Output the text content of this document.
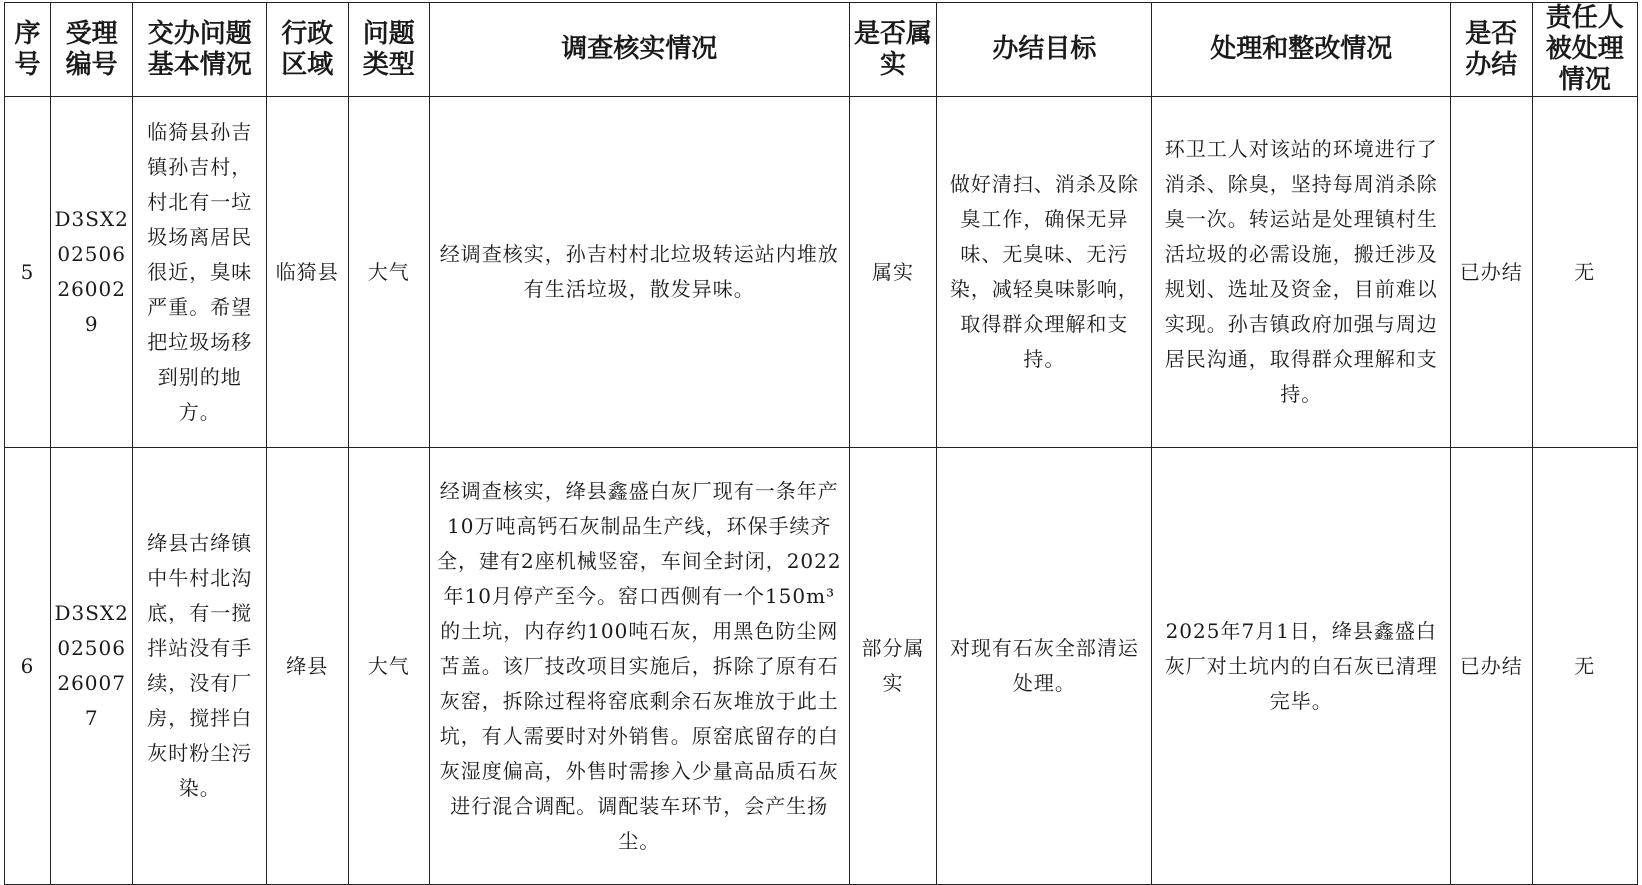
序号	受理编号	交办问题基本情况	行政区域	问题类型	调查核实情况	是否属实	办结目标	处理和整改情况	是否办结	责任人被处理情况
5	D3SX202506260029	临猗县孙吉镇孙吉村，村北有一垃圾场离居民很近，臭味严重。希望把垃圾场移到别的地方。	临猗县	大气	经调查核实，孙吉村村北垃圾转运站内堆放有生活垃圾，散发异味。	属实	做好清扫、消杀及除臭工作，确保无异味、无臭味、无污染，减轻臭味影响，取得群众理解和支持。	环卫工人对该站的环境进行了消杀、除臭，坚持每周消杀除臭一次。转运站是处理镇村生活垃圾的必需设施，搬迁涉及规划、选址及资金，目前难以实现。孙吉镇政府加强与周边居民沟通，取得群众理解和支持。	已办结	无
6	D3SX202506260077	绛县古绛镇中牛村北沟底，有一搅拌站没有手续，没有厂房，搅拌白灰时粉尘污染。	绛县	大气	经调查核实，绛县鑫盛白灰厂现有一条年产10万吨高钙石灰制品生产线，环保手续齐全，建有2座机械竖窑，车间全封闭，2022年10月停产至今。窑口西侧有一个150m³的土坑，内存约100吨石灰，用黑色防尘网苫盖。该厂技改项目实施后，拆除了原有石灰窑，拆除过程将窑底剩余石灰堆放于此土坑，有人需要时对外销售。原窑底留存的白灰湿度偏高，外售时需掺入少量高品质石灰进行混合调配。调配装车环节，会产生扬尘。	部分属实	对现有石灰全部清运处理。	2025年7月1日，绛县鑫盛白灰厂对土坑内的白石灰已清理完毕。	已办结	无
